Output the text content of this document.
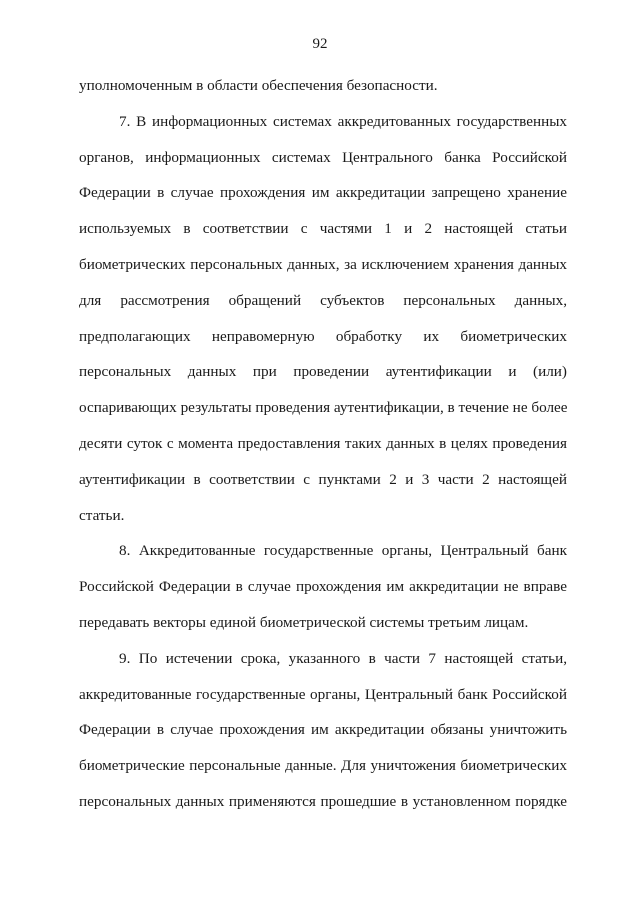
92
уполномоченным в области обеспечения безопасности.
7. В информационных системах аккредитованных государственных
органов, информационных системах Центрального банка Российской
Федерации в случае прохождения им аккредитации запрещено хранение
используемых в соответствии с частями 1 и 2 настоящей статьи
биометрических персональных данных, за исключением хранения данных
для рассмотрения обращений субъектов персональных данных,
предполагающих неправомерную обработку их биометрических
персональных данных при проведении аутентификации и (или)
оспаривающих результаты проведения аутентификации, в течение не более
десяти суток с момента предоставления таких данных в целях проведения
аутентификации в соответствии с пунктами 2 и 3 части 2 настоящей
статьи.
8. Аккредитованные государственные органы, Центральный банк
Российской Федерации в случае прохождения им аккредитации не вправе
передавать векторы единой биометрической системы третьим лицам.
9. По истечении срока, указанного в части 7 настоящей статьи,
аккредитованные государственные органы, Центральный банк Российской
Федерации в случае прохождения им аккредитации обязаны уничтожить
биометрические персональные данные. Для уничтожения биометрических
персональных данных применяются прошедшие в установленном порядке
